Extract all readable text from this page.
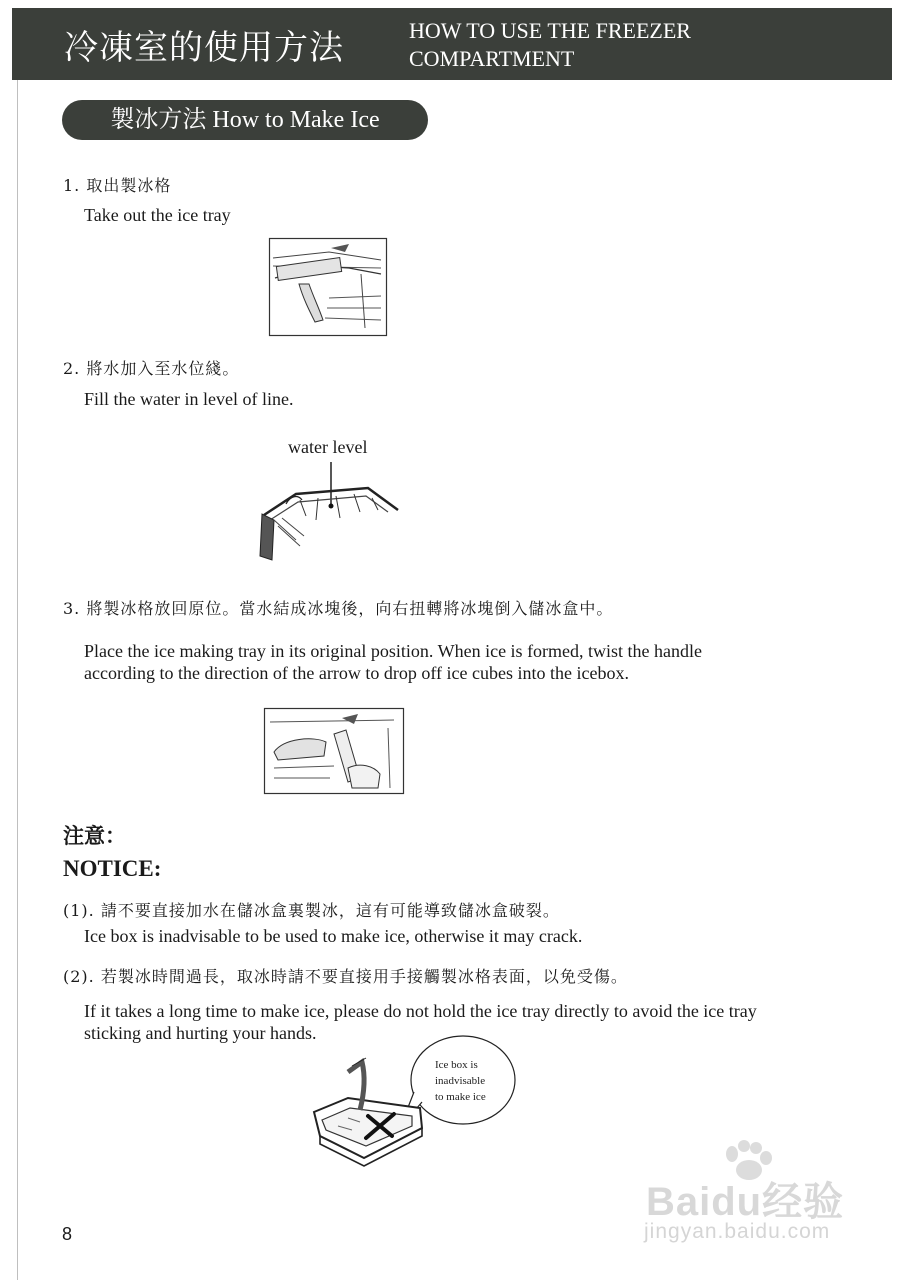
冷凍室的使用方法	HOW TO USE THE FREEZER
COMPARTMENT
製冰方法 How to Make Ice
1. 取出製冰格
Take out the ice tray
2. 將水加入至水位綫。
Fill the water in level of line.
water level
3. 將製冰格放回原位。當水結成冰塊後，向右扭轉將冰塊倒入儲冰盒中。
Place the ice making tray in its original position. When ice is formed, twist the handle
according to the direction of the arrow to drop off ice cubes into the icebox.
注意：
NOTICE:
(1). 請不要直接加水在儲冰盒裏製冰，這有可能導致儲冰盒破裂。
Ice box is inadvisable to be used to make ice, otherwise it may crack.
(2). 若製冰時間過長，取冰時請不要直接用手接觸製冰格表面，以免受傷。
If it takes a long time to make ice, please do not hold the ice tray directly to avoid the ice tray
sticking and hurting your hands.
Ice box is
inadvisable
to make ice
8
Baidu经验
jingyan.baidu.com
